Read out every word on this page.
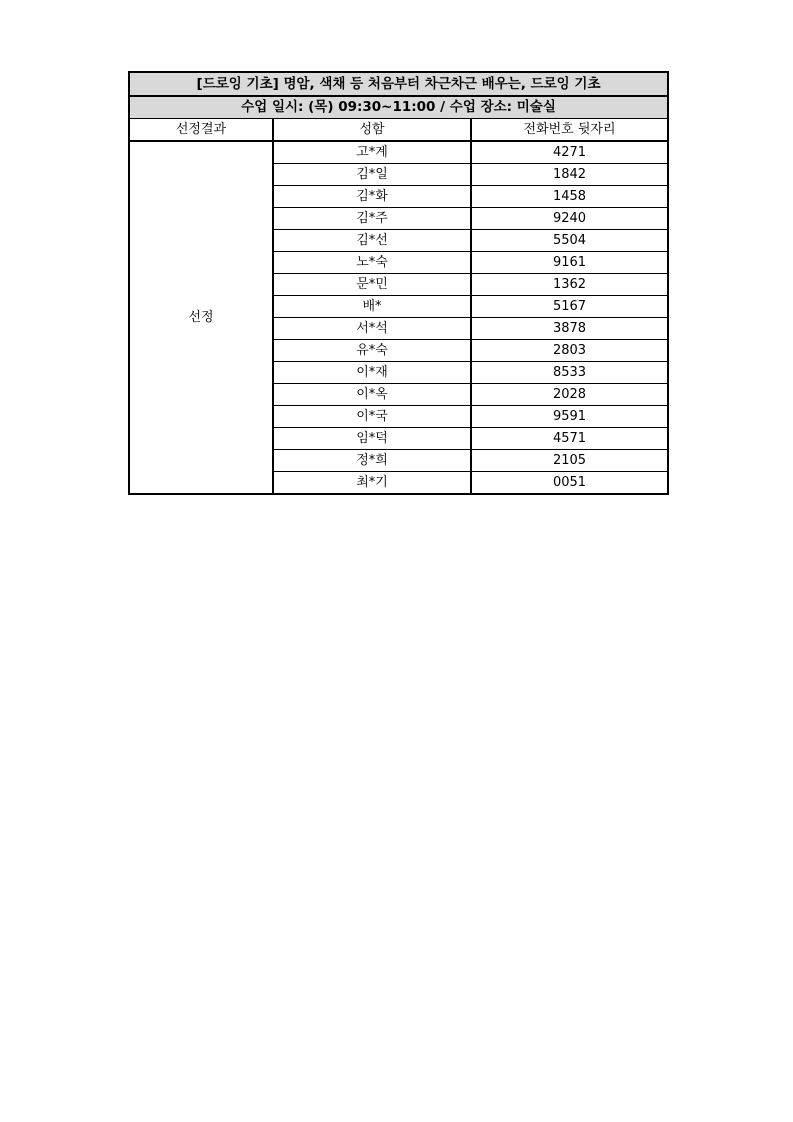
[드로잉 기초] 명암, 색채 등 처음부터 차근차근 배우는, 드로잉 기초		
수업 일시: (목) 09:30~11:00 / 수업 장소: 미술실		
선정결과	성함	전화번호 뒷자리
선정	고*계	4271
	김*일	1842
	김*화	1458
	김*주	9240
	김*선	5504
	노*숙	9161
	문*민	1362
	배*	5167
	서*석	3878
	유*숙	2803
	이*재	8533
	이*옥	2028
	이*국	9591
	임*덕	4571
	정*희	2105
	최*기	0051
